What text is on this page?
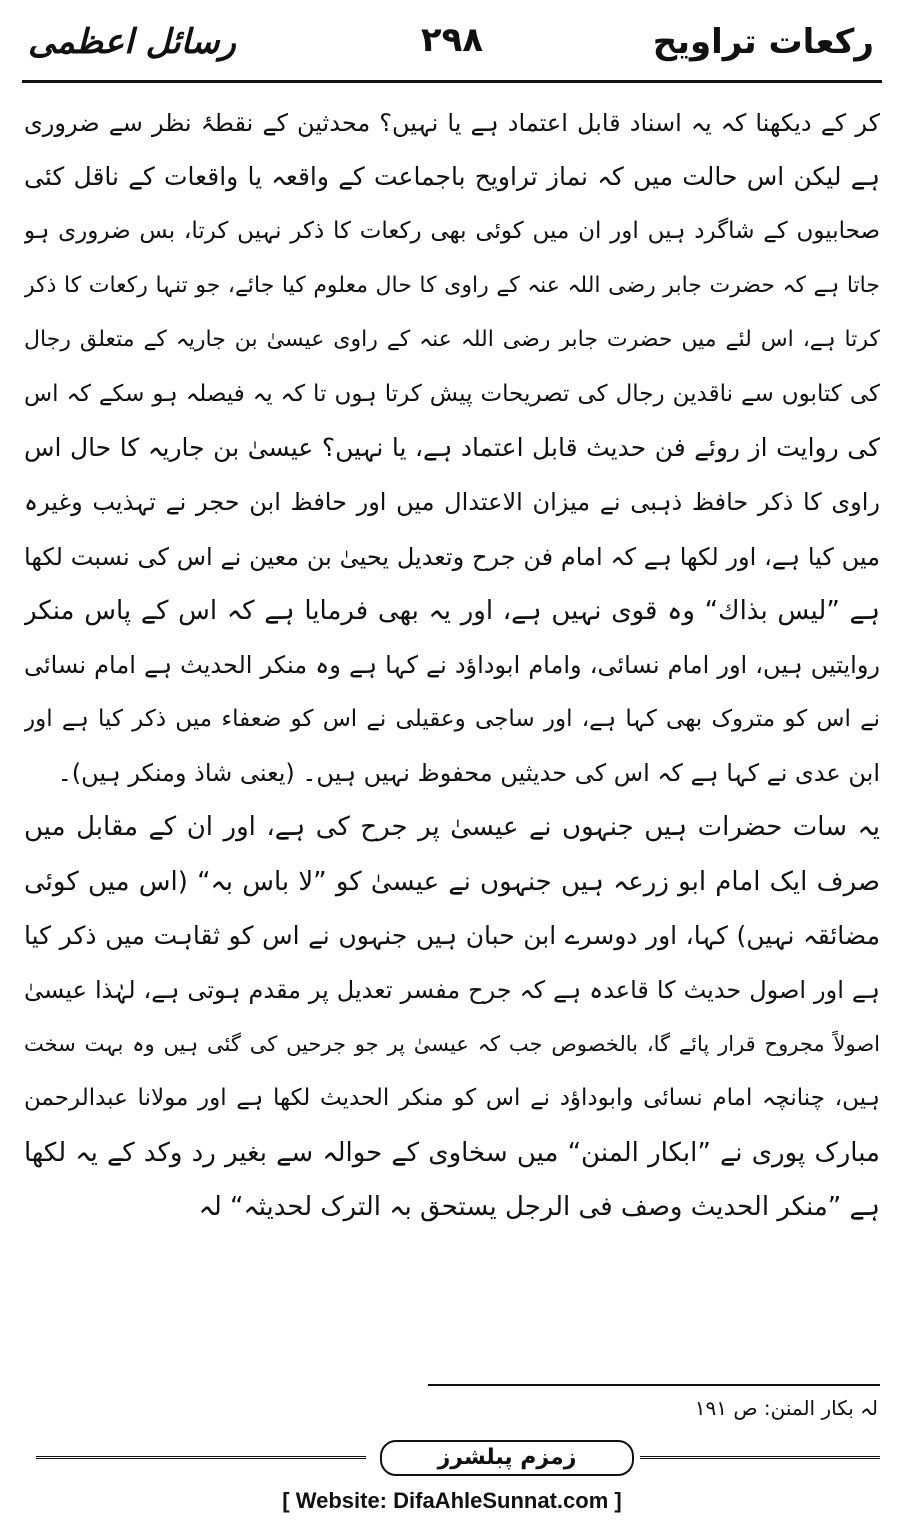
رکعات تراویح
۲۹۸
رسائل اعظمی
کر کے دیکھنا کہ یہ اسناد قابل اعتماد ہے یا نہیں؟ محدثین کے نقطۂ نظر سے ضروری
ہے لیکن اس حالت میں کہ نماز تراویح باجماعت کے واقعہ یا واقعات کے ناقل کئی
صحابیوں کے شاگرد ہیں اور ان میں کوئی بھی رکعات کا ذکر نہیں کرتا، بس ضروری ہو
جاتا ہے کہ حضرت جابر رضی اللہ عنہ کے راوی کا حال معلوم کیا جائے، جو تنہا رکعات کا ذکر
کرتا ہے، اس لئے میں حضرت جابر رضی اللہ عنہ کے راوی عیسیٰ بن جاریہ کے متعلق رجال
کی کتابوں سے ناقدین رجال کی تصریحات پیش کرتا ہوں تا کہ یہ فیصلہ ہو سکے کہ اس
کی روایت از روئے فن حدیث قابل اعتماد ہے، یا نہیں؟ عیسیٰ بن جاریہ کا حال اس
راوی کا ذکر حافظ ذہبی نے میزان الاعتدال میں اور حافظ ابن حجر نے تہذیب وغیرہ
میں کیا ہے، اور لکھا ہے کہ امام فن جرح وتعدیل یحییٰ بن معین نے اس کی نسبت لکھا
ہے ”لیس بذاك“ وہ قوی نہیں ہے، اور یہ بھی فرمایا ہے کہ اس کے پاس منکر
روایتیں ہیں، اور امام نسائی، وامام ابوداؤد نے کہا ہے وہ منکر الحدیث ہے امام نسائی
نے اس کو متروک بھی کہا ہے، اور ساجی وعقیلی نے اس کو ضعفاء میں ذکر کیا ہے اور
ابن عدی نے کہا ہے کہ اس کی حدیثیں محفوظ نہیں ہیں۔ (یعنی شاذ ومنکر ہیں)۔
یہ سات حضرات ہیں جنہوں نے عیسیٰ پر جرح کی ہے، اور ان کے مقابل میں
صرف ایک امام ابو زرعہ ہیں جنہوں نے عیسیٰ کو ”لا باس بہ“ (اس میں کوئی
مضائقہ نہیں) کہا، اور دوسرے ابن حبان ہیں جنہوں نے اس کو ثقاہت میں ذکر کیا
ہے اور اصول حدیث کا قاعدہ ہے کہ جرح مفسر تعدیل پر مقدم ہوتی ہے، لہٰذا عیسیٰ
اصولاً مجروح قرار پائے گا، بالخصوص جب کہ عیسیٰ پر جو جرحیں کی گئی ہیں وہ بہت سخت
ہیں، چنانچہ امام نسائی وابوداؤد نے اس کو منکر الحدیث لکھا ہے اور مولانا عبدالرحمن
مبارک پوری نے ”ابکار المنن“ میں سخاوی کے حوالہ سے بغیر رد وکد کے یہ لکھا
ہے ”منکر الحدیث وصف فی الرجل یستحق بہ الترک لحدیثہ“ لہ
لہ بکار المنن: ص ۱۹۱
زمزم پبلشرز
[ Website: DifaAhleSunnat.com ]
